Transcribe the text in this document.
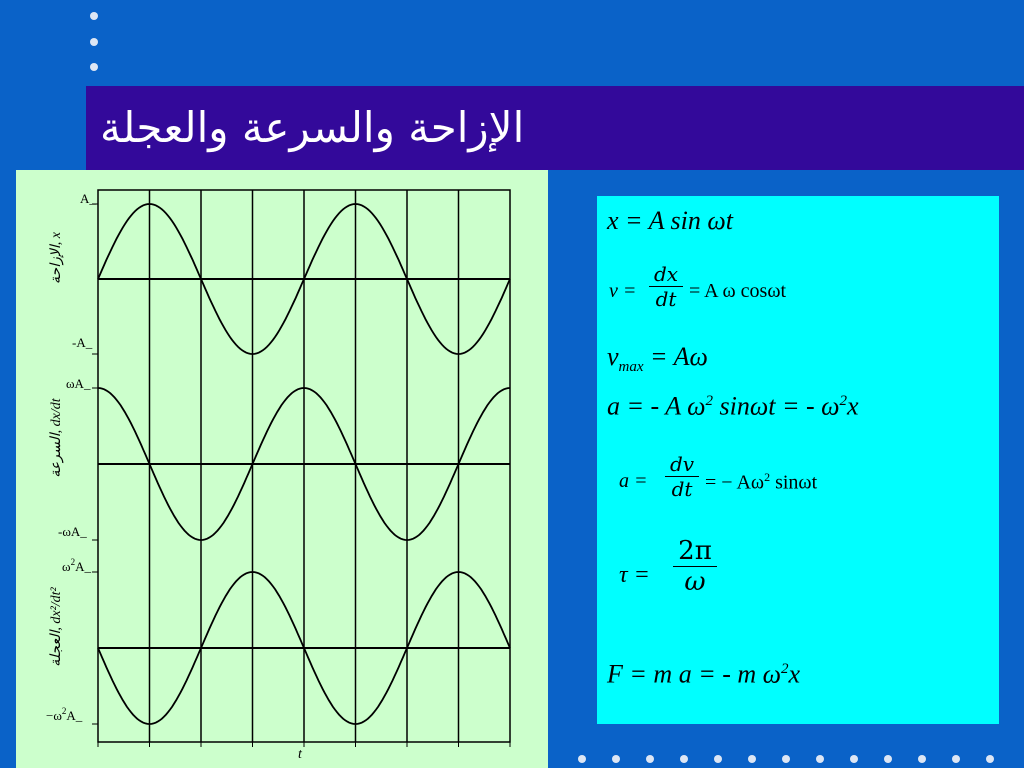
الإزاحة والسرعة والعجلة
A_
-A_
ωA_
-ωA_
$\omega^2A\_$
$-\omega^2A\_$
الإزاحة, x
السرعة, dx/dt
العجلة, dx²/dt²
t
x = A sin ωt
v =
dx
dt = A ω cosωt
$v_{max} = A\omega$
a = - A $\omega^2$ sinωt = - $\omega^2x$
a =
dv
dt = − $A\omega^2$ sinωt
τ =
2π
ω
F = m a = - m $\omega^2x$
